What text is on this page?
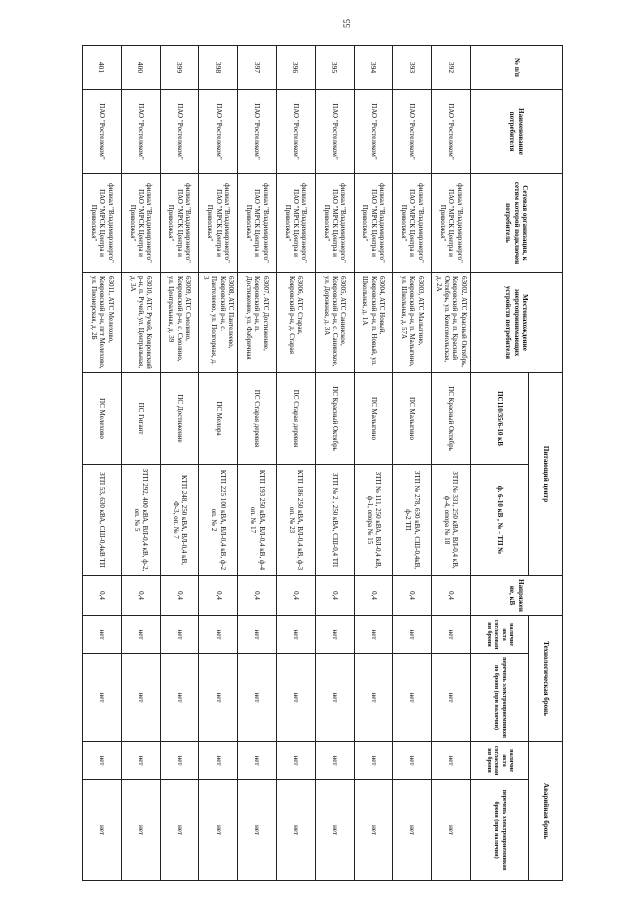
55
№ п/п	Наименование потребителя	Сетевая организация, к сетям которой подключен потребитель	Местонахождение энергопринимающих устройств потребителя	Питающий центр		Напряжение, кВ	Технологическая бронь		Аварийная бронь	
				ПС110/35/6-10 кВ	ф. 6-10 кВ , № - ТП №		наличие акта согласования брони	перечень электроприемников по брони (при наличии)	наличие акта согласования брони	перечень электроприемников брони (при наличии)

392	ПАО "Ростелеком"	филиал "Владимирэнерго" ПАО "МРСК Центра и Приволжья"	63002, АТС Красный Октябрь, Ковровский р-н, п. Красный Октябрь, ул. Комсомольская, д. 2А	ПС Красный Октябрь	ЗТП № 331, 250 кВА, ВЛ-0,4 кВ, ф-4, опора № 18	0,4	нет	нет	нет	нет
393	ПАО "Ростелеком"	филиал "Владимирэнерго" ПАО "МРСК Центра и Приволжья"	63003, АТС Малыгино, Ковровский р-н, п. Малыгино, ул. Школьная, д. 57А	ПС Малыгино	ЗТП № 278, 630 кВА, СШ-0,4кВ, ф-2 ТП	0,4	нет	нет	нет	нет
394	ПАО "Ростелеком"	филиал "Владимирэнерго" ПАО "МРСК Центра и Приволжья"	63004, АТС Новый, Ковровский р-н, п. Новый, ул. Школьная, д. 1А	ПС Малыгино	ЗТП № 111, 250 кВА, ВЛ-0,4 кВ, ф-1, опора № 15	0,4	нет	нет	нет	нет
395	ПАО "Ростелеком"	филиал "Владимирэнерго" ПАО "МРСК Центра и Приволжья"	63005, АТС Санинское, Ковровский р-н, с. Санинское, ул. Дорожная, д. 3А	ПС Красный Октябрь	ЗТП № 2 , 250 кВА, СШ-0,4 ТП	0,4	нет	нет	нет	нет
396	ПАО "Ростелеком"	филиал "Владимирэнерго" ПАО "МРСК Центра и Приволжья"	63006, АТС Старая, Ковровский р-н, д. Старая	ПС Старая деревня	КТП 186 250 кВА, ВЛ-0,4 кВ, ф-3 оп. № 23	0,4	нет	нет	нет	нет
397	ПАО "Ростелеком"	филиал "Владимирэнерго" ПАО "МРСК Центра и Приволжья"	63007, АТС Достижение, Ковровский р-н, п. Достижение, ул. Фабричная	ПС Старая деревня	КТП 193 250 кВА, ВЛ-0,4 кВ, ф-4 оп. № 17	0,4	нет	нет	нет	нет
398	ПАО "Ростелеком"	филиал "Владимирэнерго" ПАО "МРСК Центра и Приволжья"	63008, АТС Пантелеево, Ковровский р-н, с. Пантелеево, ул. Полгорная, д. 3	ПС Мелора	КТП 225 100 кВА, ВЛ-0,4 кВ, ф-2 оп. № 2	0,4	нет	нет	нет	нет
399	ПАО "Ростелеком"	филиал "Владимирэнерго" ПАО "МРСК Центра и Приволжья"	63009, АТС Смолино, Ковровский р-н, с. Смолино, ул. Центральная, д. 39	ПС Достижение	КТП 248, 250 кВА, ВЛ-0,4 кВ, Ф-3, оп. № 7	0,4	нет	нет	нет	нет
400	ПАО "Ростелеком"	филиал "Владимирэнерго" ПАО "МРСК Центра и Приволжья"	63010, АТС Ручей, Ковровский р-н, п. Ручей, ул. Центральная, д. 3А	ПС Гигант	ЗТП 292, 400 кВА, ВЛ-0,4 кВ, ф-2, оп. № 5	0,4	нет	нет	нет	нет
401	ПАО "Ростелеком"	филиал "Владимирэнерго" ПАО "МРСК Центра и Приволжья"	63011, АТС Мелехово, Ковровский р-н, пгт Мелехово, ул. Пионерская, д. 2Б	ПС Мелехово	ЗТП 53, 630 кВА, СШ-0,4кВ ТП	0,4	нет	нет	нет	нет
